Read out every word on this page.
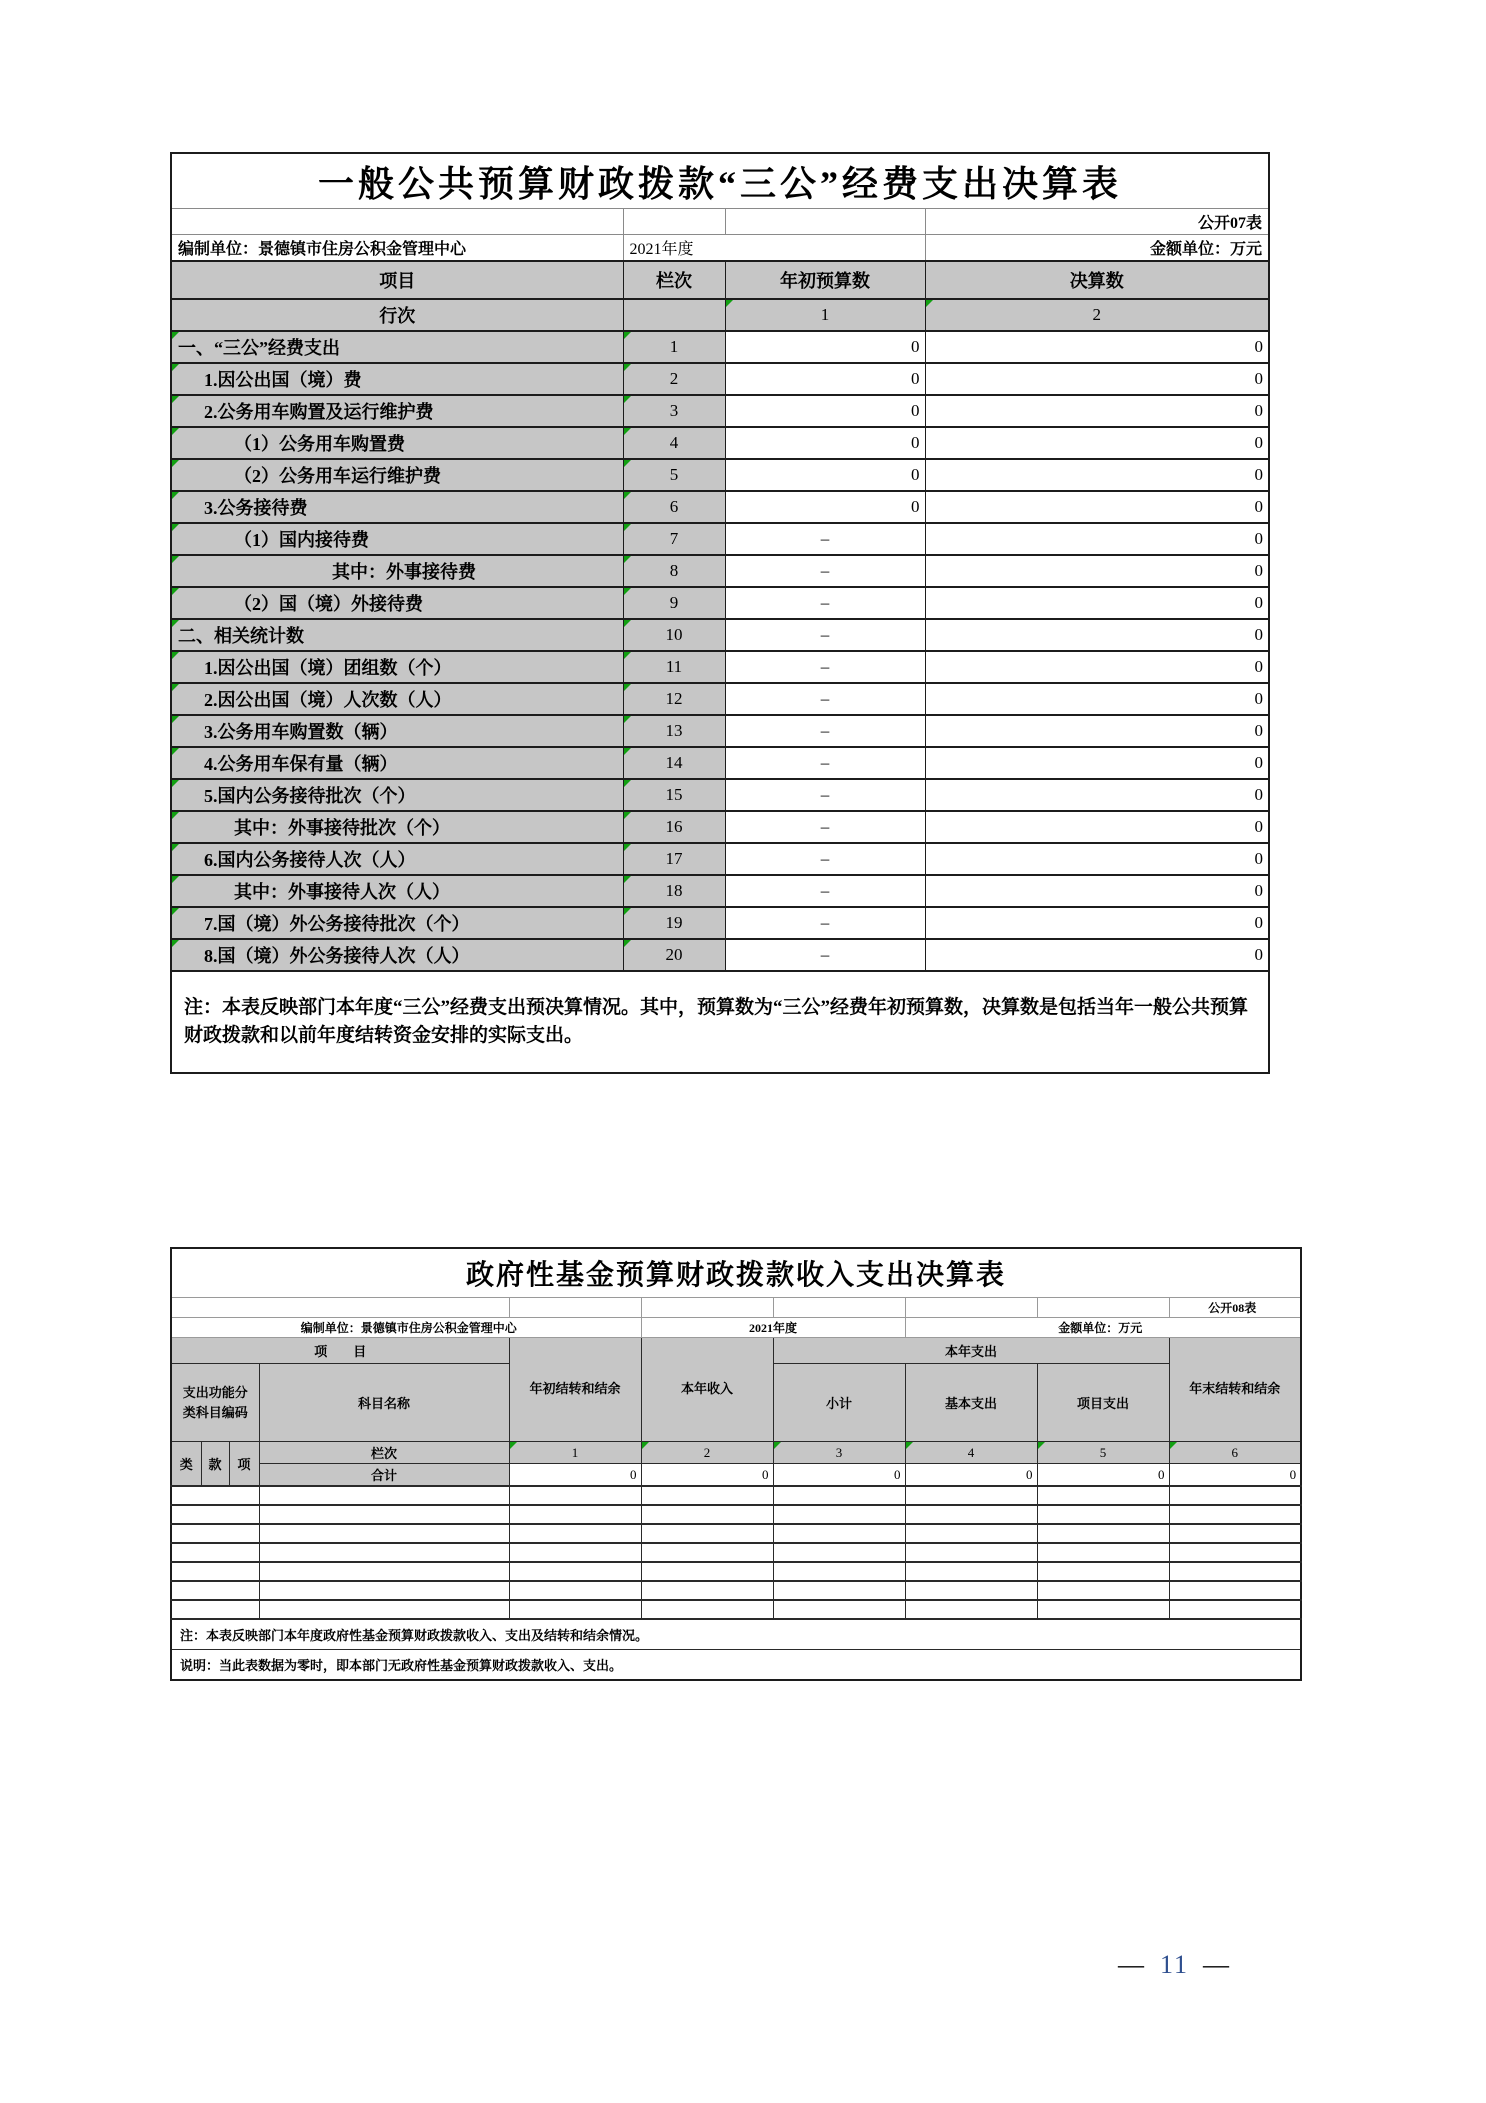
一般公共预算财政拨款“三公”经费支出决算表			
			公开07表
编制单位：景德镇市住房公积金管理中心	2021年度		金额单位：万元
项目	栏次	年初预算数	决算数
行次		1	2
一、“三公”经费支出	1	0	0
1.因公出国（境）费	2	0	0
2.公务用车购置及运行维护费	3	0	0
（1）公务用车购置费	4	0	0
（2）公务用车运行维护费	5	0	0
3.公务接待费	6	0	0
（1）国内接待费	7	–	0
其中：外事接待费	8	–	0
（2）国（境）外接待费	9	–	0
二、相关统计数	10	–	0
1.因公出国（境）团组数（个）	11	–	0
2.因公出国（境）人次数（人）	12	–	0
3.公务用车购置数（辆）	13	–	0
4.公务用车保有量（辆）	14	–	0
5.国内公务接待批次（个）	15	–	0
其中：外事接待批次（个）	16	–	0
6.国内公务接待人次（人）	17	–	0
其中：外事接待人次（人）	18	–	0
7.国（境）外公务接待批次（个）	19	–	0
8.国（境）外公务接待人次（人）	20	–	0
注：本表反映部门本年度“三公”经费支出预决算情况。其中，预算数为“三公”经费年初预算数，决算数是包括当年一般公共预算财政拨款和以前年度结转资金安排的实际支出。			
政府性基金预算财政拨款收入支出决算表									
									公开08表
编制单位：景德镇市住房公积金管理中心					2021年度		金额单位：万元		
项　　目				年初结转和结余	本年收入	本年支出			年末结转和结余
支出功能分类科目编码			科目名称			小计	基本支出	项目支出	
类	款	项	栏次	1	2	3	4	5	6
			合计	0	0	0	0	0	0

注：本表反映部门本年度政府性基金预算财政拨款收入、支出及结转和结余情况。									
说明：当此表数据为零时，即本部门无政府性基金预算财政拨款收入、支出。									
— 11 —
